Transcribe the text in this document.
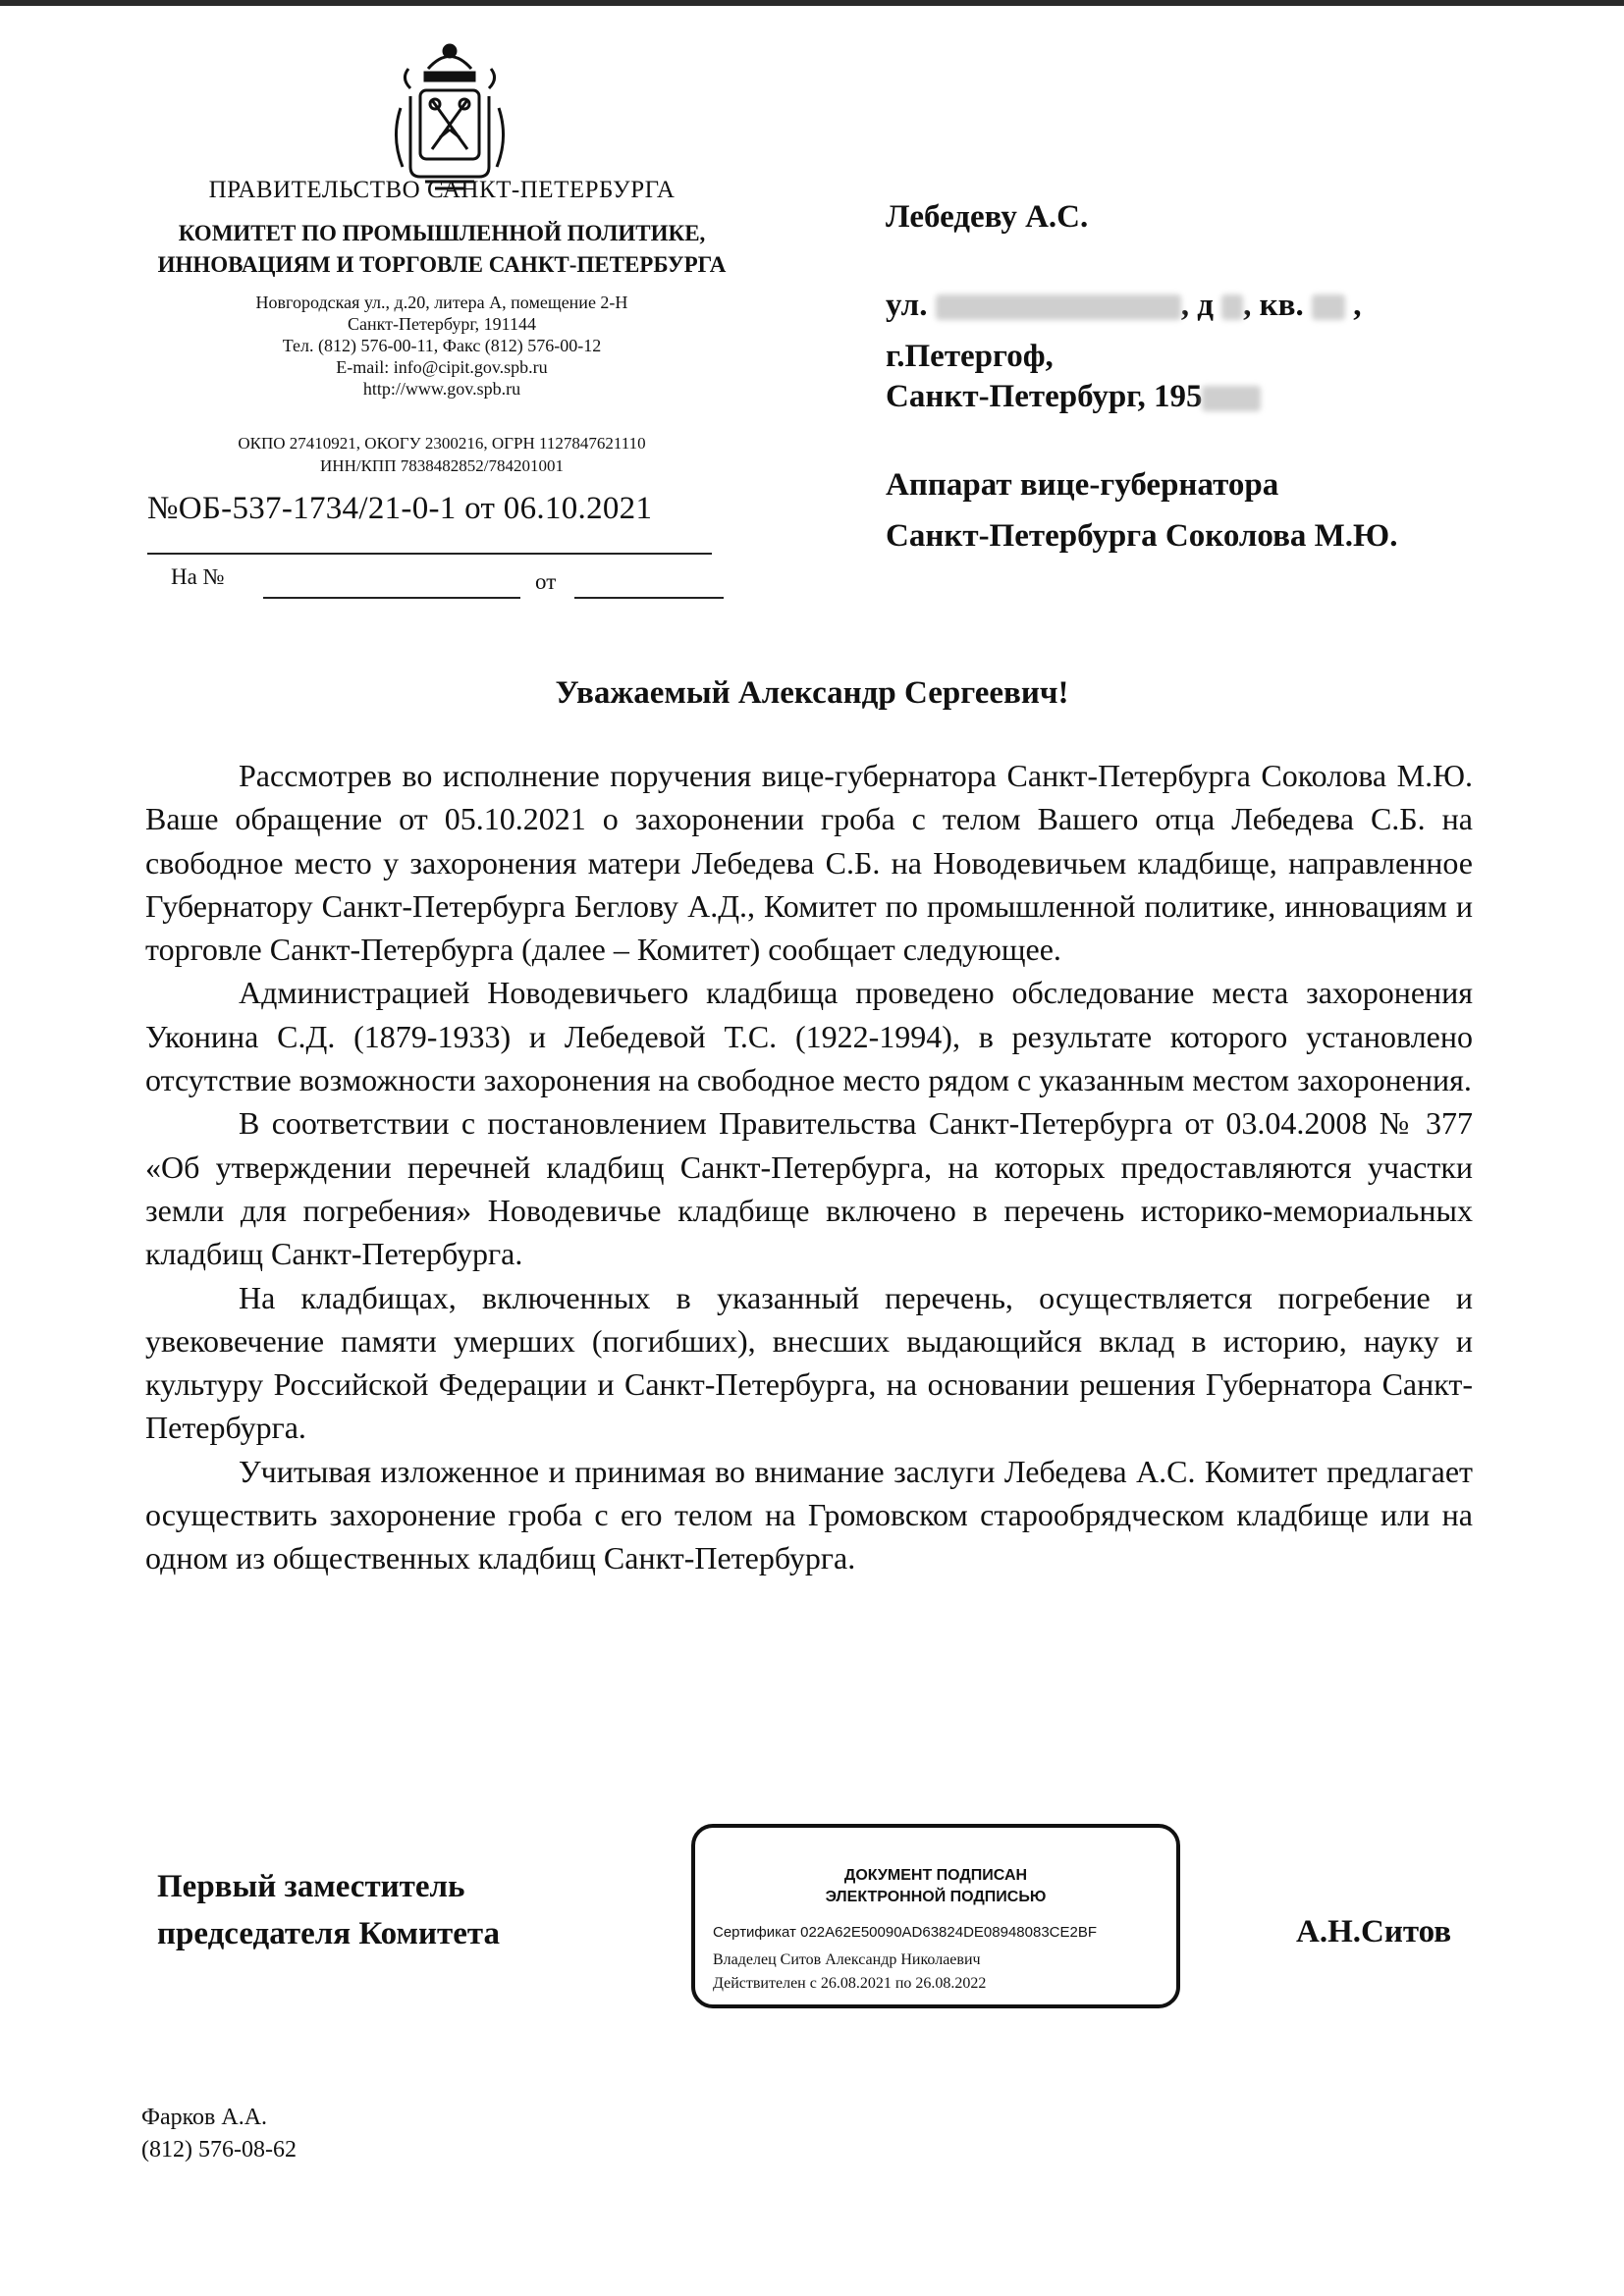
ПРАВИТЕЛЬСТВО САНКТ-ПЕТЕРБУРГА
КОМИТЕТ ПО ПРОМЫШЛЕННОЙ ПОЛИТИКЕ,
ИННОВАЦИЯМ И ТОРГОВЛЕ САНКТ-ПЕТЕРБУРГА
Новгородская ул., д.20, литера А, помещение 2-Н
Санкт-Петербург, 191144
Тел. (812) 576-00-11, Факс (812) 576-00-12
E-mail: info@cipit.gov.spb.ru
http://www.gov.spb.ru
ОКПО 27410921, ОКОГУ 2300216, ОГРН 1127847621110
ИНН/КПП 7838482852/784201001
№ОБ-537-1734/21-0-1 от 06.10.2021
На №	от
Лебедеву А.С.
ул.	, д , кв. ,
г.Петергоф,
Санкт-Петербург, 195
Аппарат вице-губернатора
Санкт-Петербурга Соколова М.Ю.
Уважаемый Александр Сергеевич!

Рассмотрев во исполнение поручения вице-губернатора Санкт-Петербурга Соколова М.Ю. Ваше обращение от 05.10.2021 о захоронении гроба с телом Вашего отца Лебедева С.Б. на свободное место у захоронения матери Лебедева С.Б. на Новодевичьем кладбище, направленное Губернатору Санкт-Петербурга Беглову А.Д., Комитет по промышленной политике, инновациям и торговле Санкт-Петербурга (далее – Комитет) сообщает следующее.

Администрацией Новодевичьего кладбища проведено обследование места захоронения Уконина С.Д. (1879-1933) и Лебедевой Т.С. (1922-1994), в результате которого установлено отсутствие возможности захоронения на свободное место рядом с указанным местом захоронения.

В соответствии с постановлением Правительства Санкт-Петербурга от 03.04.2008 № 377 «Об утверждении перечней кладбищ Санкт-Петербурга, на которых предоставляются участки земли для погребения» Новодевичье кладбище включено в перечень историко-мемориальных кладбищ Санкт-Петербурга.

На кладбищах, включенных в указанный перечень, осуществляется погребение и увековечение памяти умерших (погибших), внесших выдающийся вклад в историю, науку и культуру Российской Федерации и Санкт-Петербурга, на основании решения Губернатора Санкт-Петербурга.

Учитывая изложенное и принимая во внимание заслуги Лебедева А.С. Комитет предлагает осуществить захоронение гроба с его телом на Громовском старообрядческом кладбище или на одном из общественных кладбищ Санкт-Петербурга.

Первый заместитель
председателя Комитета
ДОКУМЕНТ ПОДПИСАН
ЭЛЕКТРОННОЙ ПОДПИСЬЮ
Сертификат 022A62E50090AD63824DE08948083CE2BF
Владелец Ситов Александр Николаевич
Действителен с 26.08.2021 по 26.08.2022
А.Н.Ситов
Фарков А.А.
(812) 576-08-62
